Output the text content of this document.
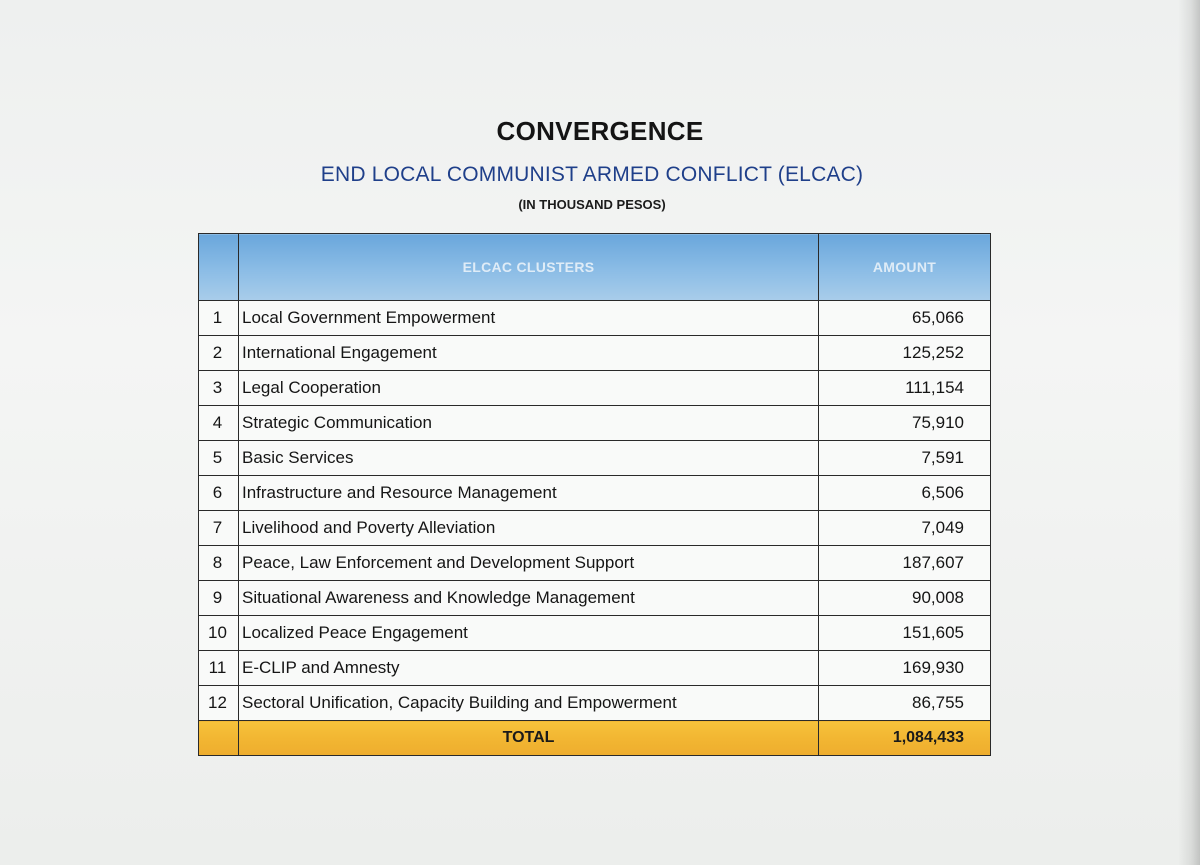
CONVERGENCE
END LOCAL COMMUNIST ARMED CONFLICT (ELCAC)
(IN THOUSAND PESOS)
	ELCAC CLUSTERS	AMOUNT
1	Local Government Empowerment	65,066
2	International Engagement	125,252
3	Legal Cooperation	111,154
4	Strategic Communication	75,910
5	Basic Services	7,591
6	Infrastructure and Resource Management	6,506
7	Livelihood and Poverty Alleviation	7,049
8	Peace, Law Enforcement and Development Support	187,607
9	Situational Awareness and Knowledge Management	90,008
10	Localized Peace Engagement	151,605
11	E-CLIP and Amnesty	169,930
12	Sectoral Unification, Capacity Building and Empowerment	86,755
	TOTAL	1,084,433
